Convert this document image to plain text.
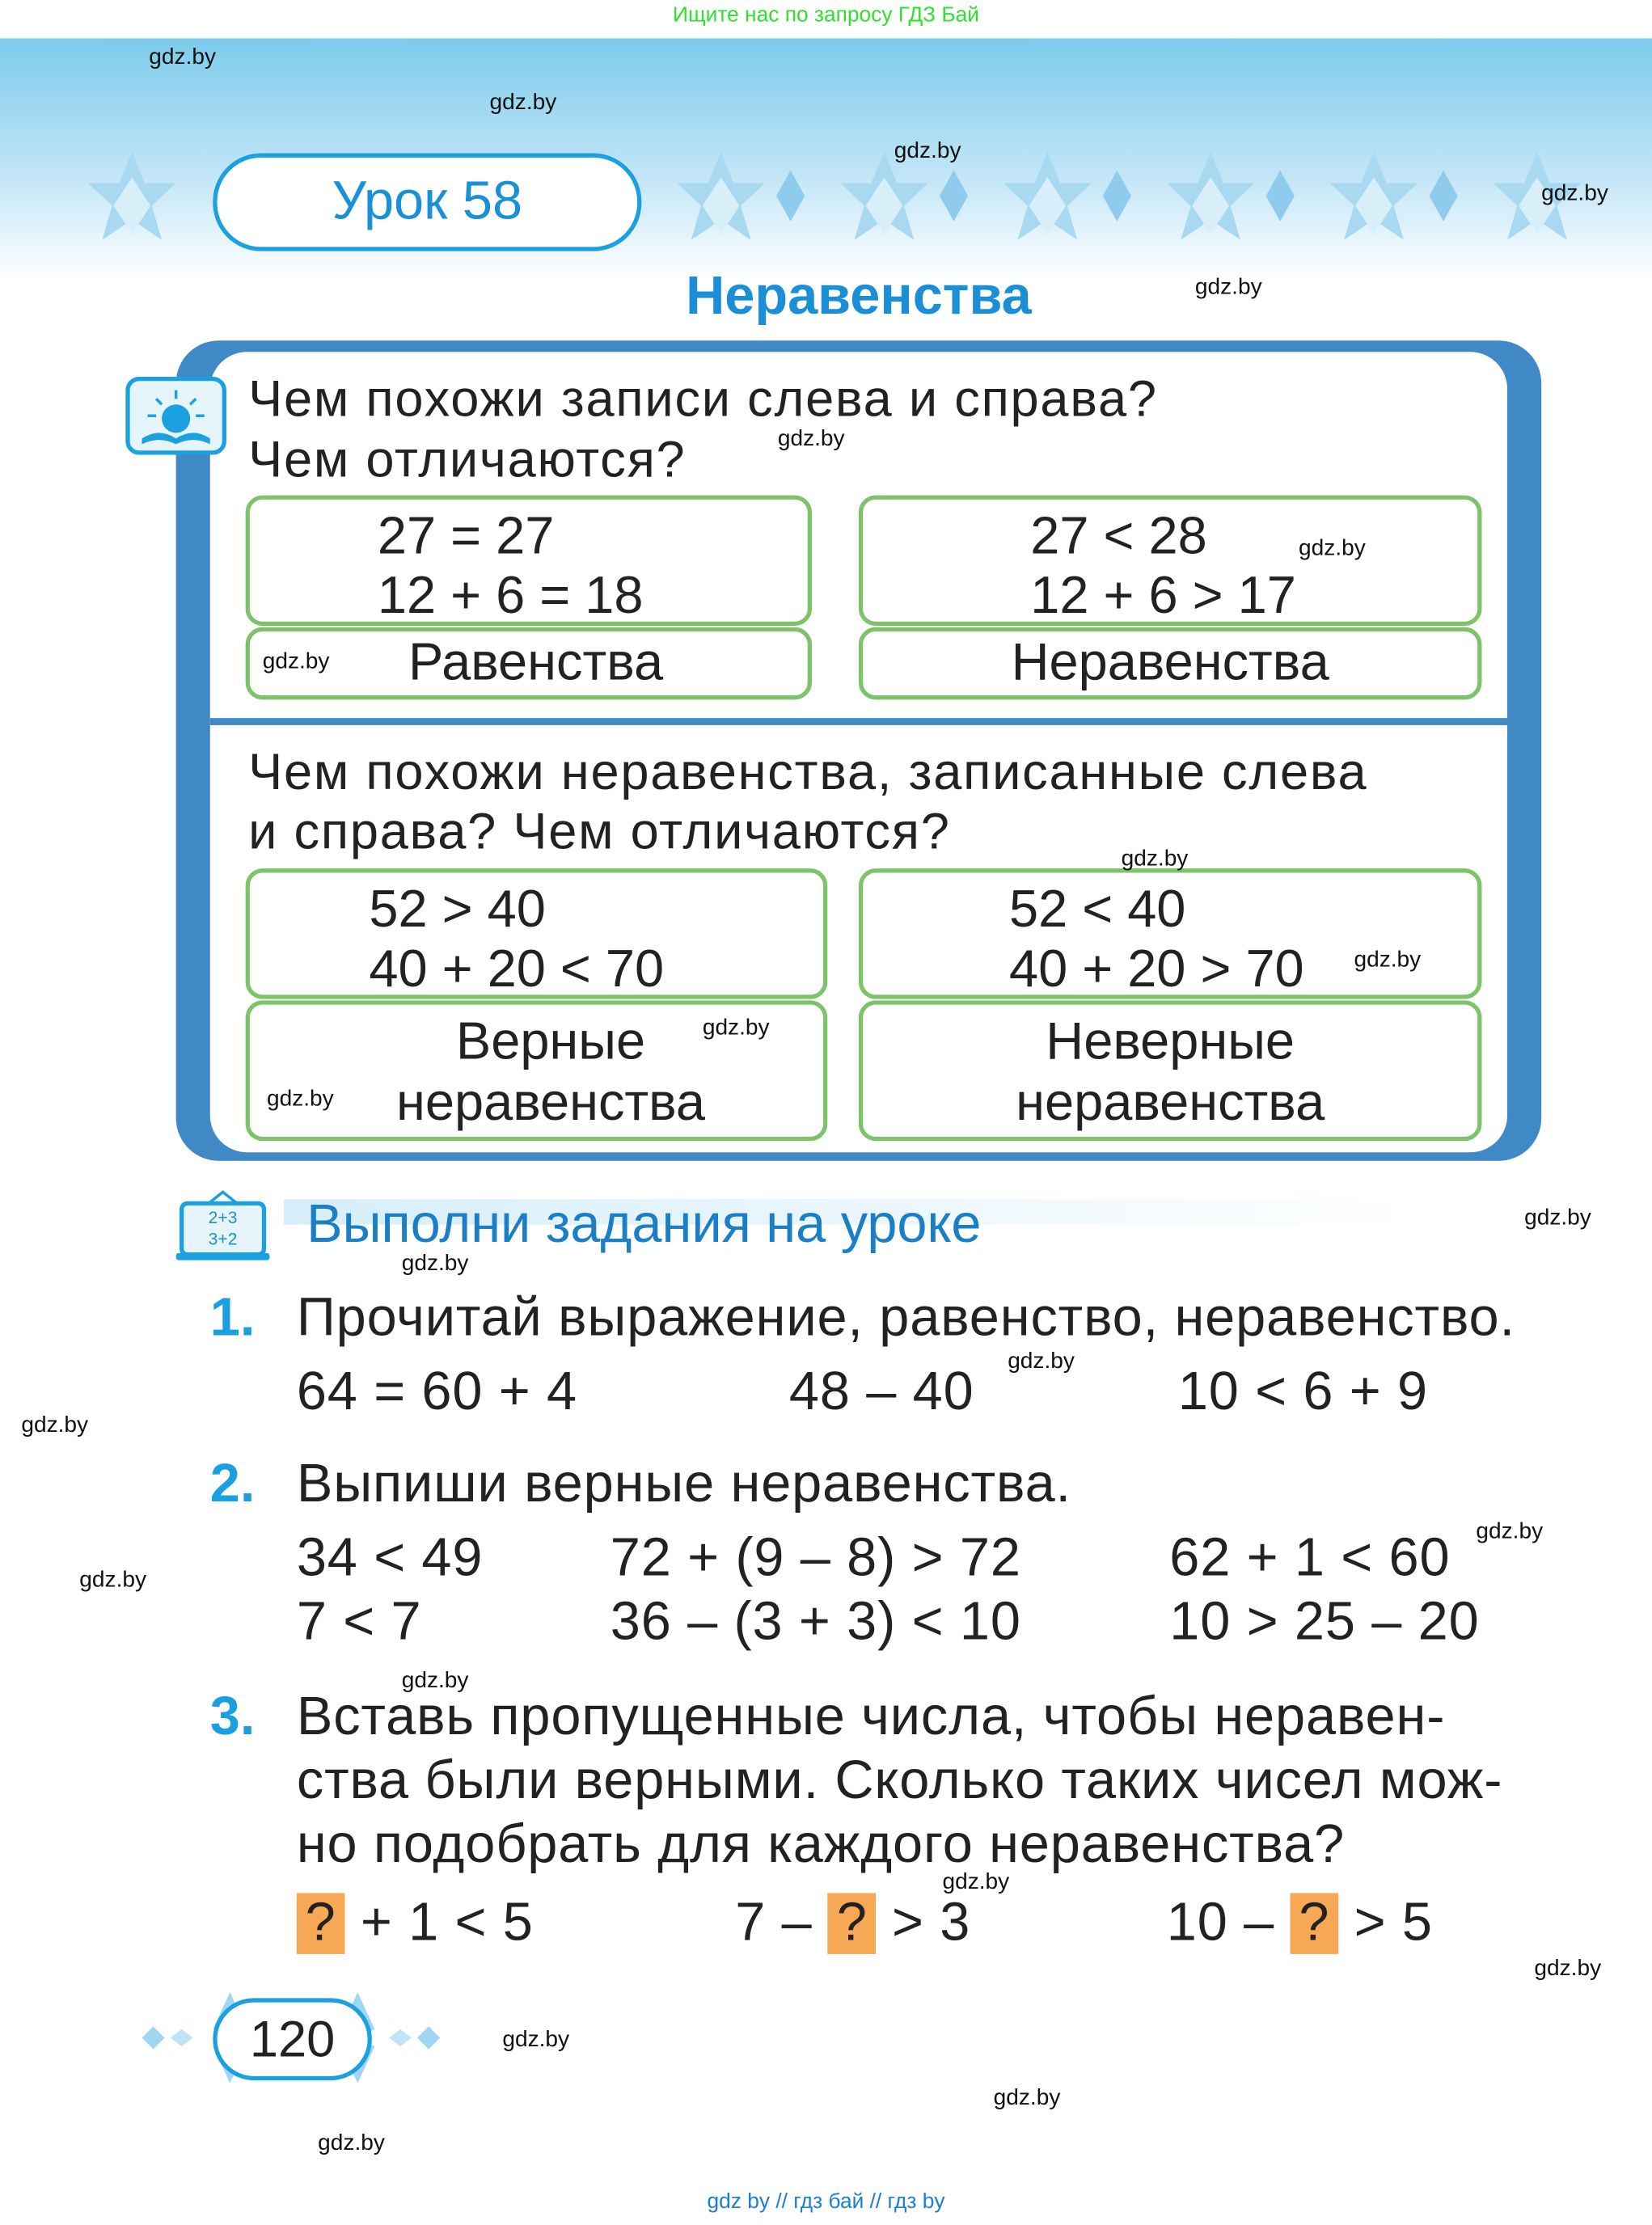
Ищите нас по запросу ГДЗ Бай
Урок 58
Неравенства
Чем похожи записи слева и справа?
Чем отличаются?
27 = 27
12 + 6 = 18
Равенства
27 < 28
12 + 6 > 17
Неравенства
Чем похожи неравенства, записанные слева
и справа? Чем отличаются?
52 > 40
40 + 20 < 70
Верные
неравенства
52 < 40
40 + 20 > 70
Неверные
неравенства
2+3
3+2	Выполни задания на уроке
1. Прочитай выражение, равенство, неравенство.
64 = 60 + 4	48 – 40	10 < 6 + 9
2. Выпиши верные неравенства.
34 < 49	72 + (9 – 8) > 72	62 + 1 < 60
7 < 7	36 – (3 + 3) < 10	10 > 25 – 20
3. Вставь пропущенные числа, чтобы неравен-
ства были верными. Сколько таких чисел мож-
но подобрать для каждого неравенства?
? + 1 < 5	7 – ? > 3	10 – ? > 5
120
gdz by // гдз бай // гдз by
gdz.by
gdz.by
gdz.by
gdz.by
gdz.by
gdz.by
gdz.by
gdz.by
gdz.by
gdz.by
gdz.by
gdz.by
gdz.by
gdz.by
gdz.by
gdz.by
gdz.by
gdz.by
gdz.by
gdz.by
gdz.by
gdz.by
gdz.by
gdz.by
